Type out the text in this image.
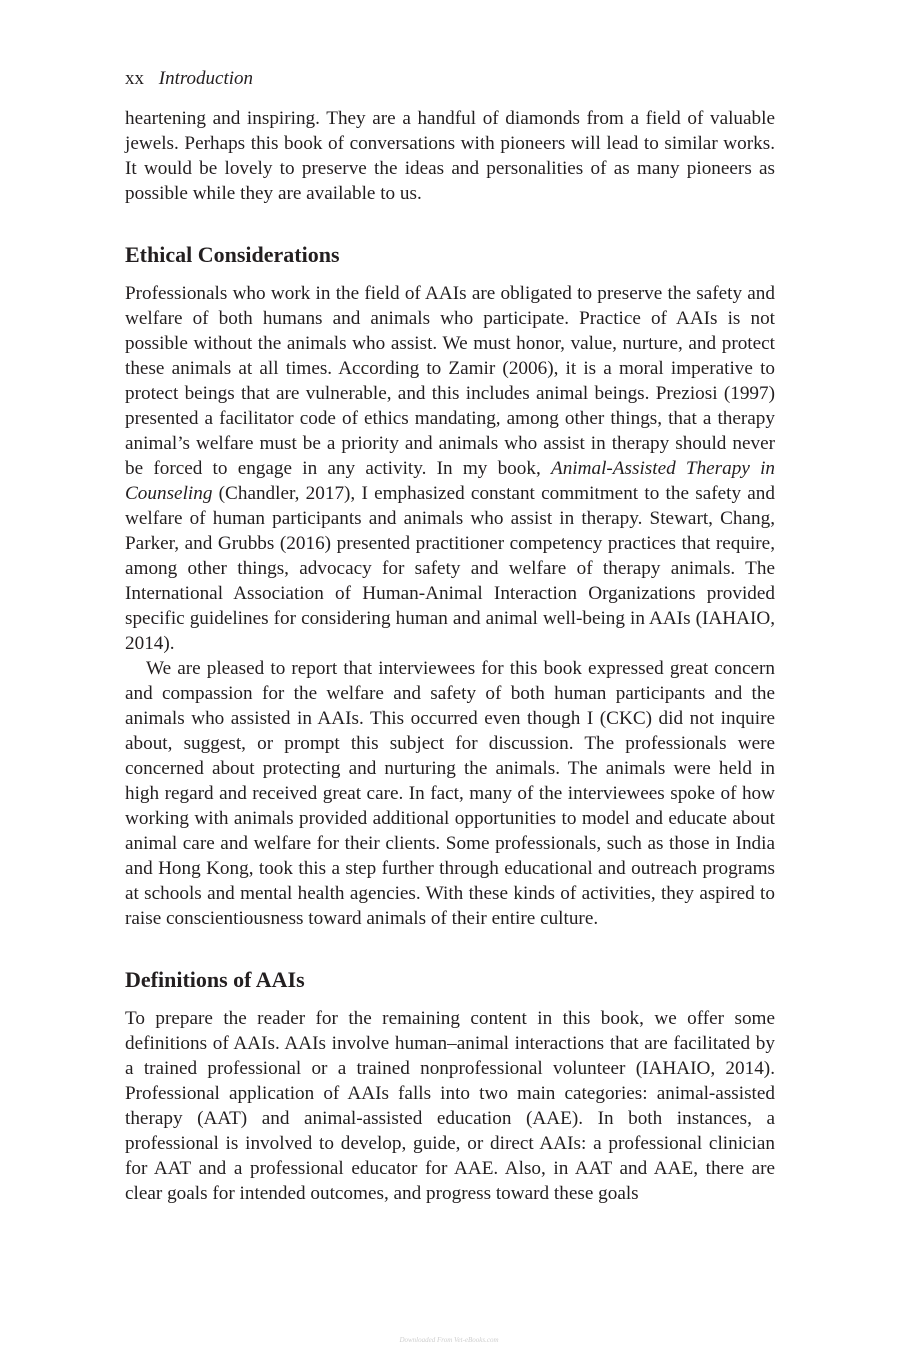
xx Introduction

heartening and inspiring. They are a handful of diamonds from a field of valuable jewels. Perhaps this book of conversations with pioneers will lead to similar works. It would be lovely to preserve the ideas and personalities of as many pioneers as possible while they are available to us.

Ethical Considerations

Professionals who work in the field of AAIs are obligated to preserve the safety and welfare of both humans and animals who participate. Practice of AAIs is not possible without the animals who assist. We must honor, value, nurture, and protect these animals at all times. According to Zamir (2006), it is a moral imperative to protect beings that are vulnerable, and this includes animal beings. Preziosi (1997) presented a facilitator code of ethics mandating, among other things, that a therapy animal’s welfare must be a priority and animals who assist in therapy should never be forced to engage in any activity. In my book, Animal-Assisted Therapy in Counseling (Chandler, 2017), I emphasized constant commitment to the safety and welfare of human participants and animals who assist in therapy. Stewart, Chang, Parker, and Grubbs (2016) presented practitioner competency practices that require, among other things, advocacy for safety and welfare of therapy animals. The International Association of Human-Animal Interaction Organizations provided specific guidelines for considering human and animal well-being in AAIs (IAHAIO, 2014).

We are pleased to report that interviewees for this book expressed great concern and compassion for the welfare and safety of both human participants and the animals who assisted in AAIs. This occurred even though I (CKC) did not inquire about, suggest, or prompt this subject for discussion. The professionals were concerned about protecting and nurturing the animals. The animals were held in high regard and received great care. In fact, many of the interviewees spoke of how working with animals provided additional opportunities to model and educate about animal care and welfare for their clients. Some professionals, such as those in India and Hong Kong, took this a step further through educational and outreach programs at schools and mental health agencies. With these kinds of activities, they aspired to raise conscientiousness toward animals of their entire culture.

Definitions of AAIs

To prepare the reader for the remaining content in this book, we offer some definitions of AAIs. AAIs involve human–animal interactions that are facilitated by a trained professional or a trained nonprofessional volunteer (IAHAIO, 2014). Professional application of AAIs falls into two main categories: animal-assisted therapy (AAT) and animal-assisted education (AAE). In both instances, a professional is involved to develop, guide, or direct AAIs: a professional clinician for AAT and a professional educator for AAE. Also, in AAT and AAE, there are clear goals for intended outcomes, and progress toward these goals

Downloaded From Vet-eBooks.com
